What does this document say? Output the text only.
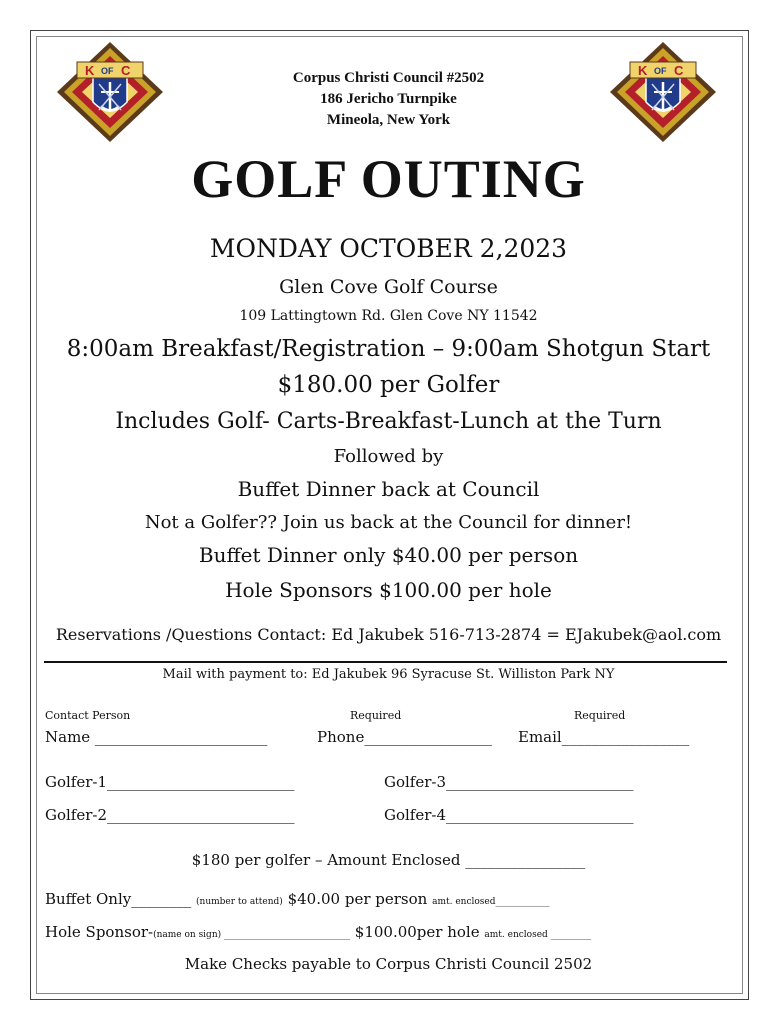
K OF C	K OF C
Corpus Christi Council #2502
186 Jericho Turnpike
Mineola, New York
GOLF OUTING
MONDAY OCTOBER 2,2023
Glen Cove Golf Course
109 Lattingtown Rd. Glen Cove NY 11542
8:00am Breakfast/Registration – 9:00am Shotgun Start
$180.00 per Golfer
Includes Golf- Carts-Breakfast-Lunch at the Turn
Followed by
Buffet Dinner back at Council
Not a Golfer?? Join us back at the Council for dinner!
Buffet Dinner only $40.00 per person
Hole Sponsors $100.00 per hole
Reservations /Questions Contact: Ed Jakubek 516-713-2874 = EJakubek@aol.com
Mail with payment to: Ed Jakubek 96 Syracuse St. Williston Park NY
Contact Person	Required	Required
Name _______________________	Phone_________________ Email_________________
Golfer-1_________________________	Golfer-3_________________________
Golfer-2_________________________	Golfer-4_________________________
$180 per golfer – Amount Enclosed ________________
Buffet Only________ (number to attend) $40.00 per person amt. enclosed____________
Hole Sponsor-(name on sign) ____________________________ $100.00per hole amt. enclosed _________
Make Checks payable to Corpus Christi Council 2502
